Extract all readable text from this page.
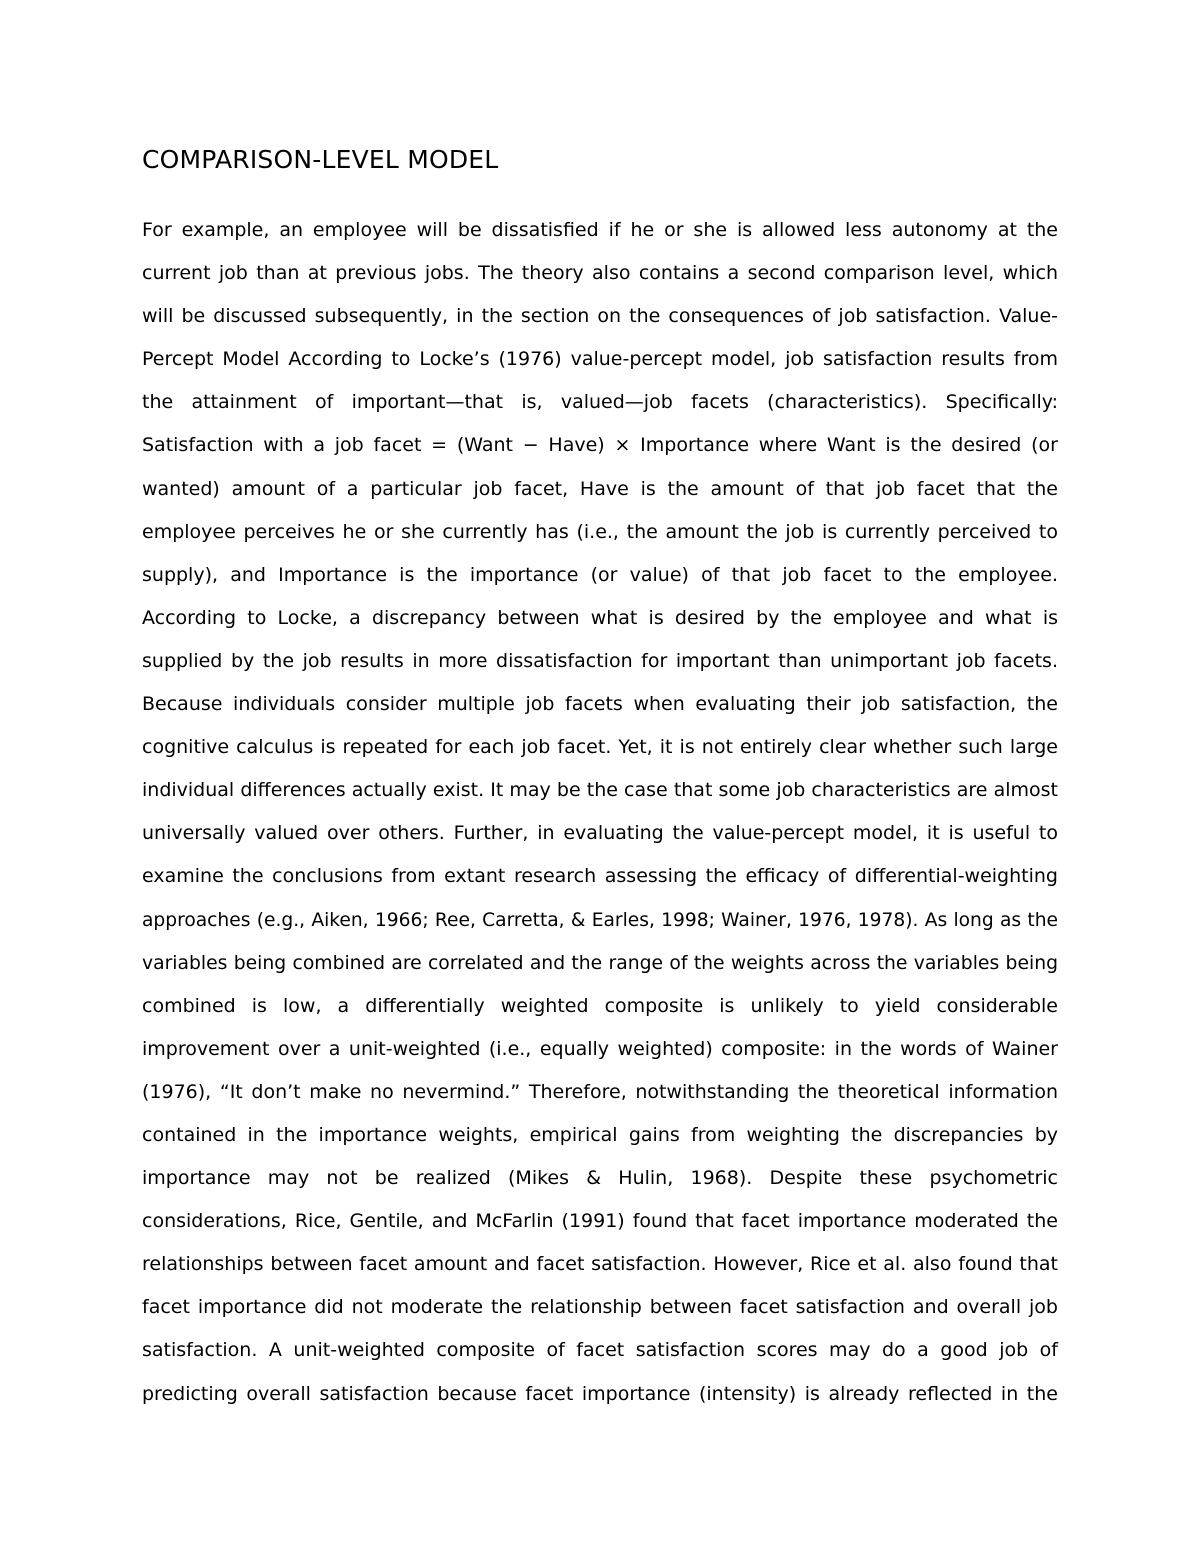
COMPARISON-LEVEL MODEL
For example, an employee will be dissatisfied if he or she is allowed less autonomy at the
current job than at previous jobs. The theory also contains a second comparison level, which
will be discussed subsequently, in the section on the consequences of job satisfaction. Value-
Percept Model According to Locke’s (1976) value-percept model, job satisfaction results from
the attainment of important—that is, valued—job facets (characteristics). Specifically:
Satisfaction with a job facet = (Want − Have) × Importance where Want is the desired (or
wanted) amount of a particular job facet, Have is the amount of that job facet that the
employee perceives he or she currently has (i.e., the amount the job is currently perceived to
supply), and Importance is the importance (or value) of that job facet to the employee.
According to Locke, a discrepancy between what is desired by the employee and what is
supplied by the job results in more dissatisfaction for important than unimportant job facets.
Because individuals consider multiple job facets when evaluating their job satisfaction, the
cognitive calculus is repeated for each job facet. Yet, it is not entirely clear whether such large
individual differences actually exist. It may be the case that some job characteristics are almost
universally valued over others. Further, in evaluating the value-percept model, it is useful to
examine the conclusions from extant research assessing the efficacy of differential-weighting
approaches (e.g., Aiken, 1966; Ree, Carretta, & Earles, 1998; Wainer, 1976, 1978). As long as the
variables being combined are correlated and the range of the weights across the variables being
combined is low, a differentially weighted composite is unlikely to yield considerable
improvement over a unit-weighted (i.e., equally weighted) composite: in the words of Wainer
(1976), “It don’t make no nevermind.” Therefore, notwithstanding the theoretical information
contained in the importance weights, empirical gains from weighting the discrepancies by
importance may not be realized (Mikes & Hulin, 1968). Despite these psychometric
considerations, Rice, Gentile, and McFarlin (1991) found that facet importance moderated the
relationships between facet amount and facet satisfaction. However, Rice et al. also found that
facet importance did not moderate the relationship between facet satisfaction and overall job
satisfaction. A unit-weighted composite of facet satisfaction scores may do a good job of
predicting overall satisfaction because facet importance (intensity) is already reflected in the
